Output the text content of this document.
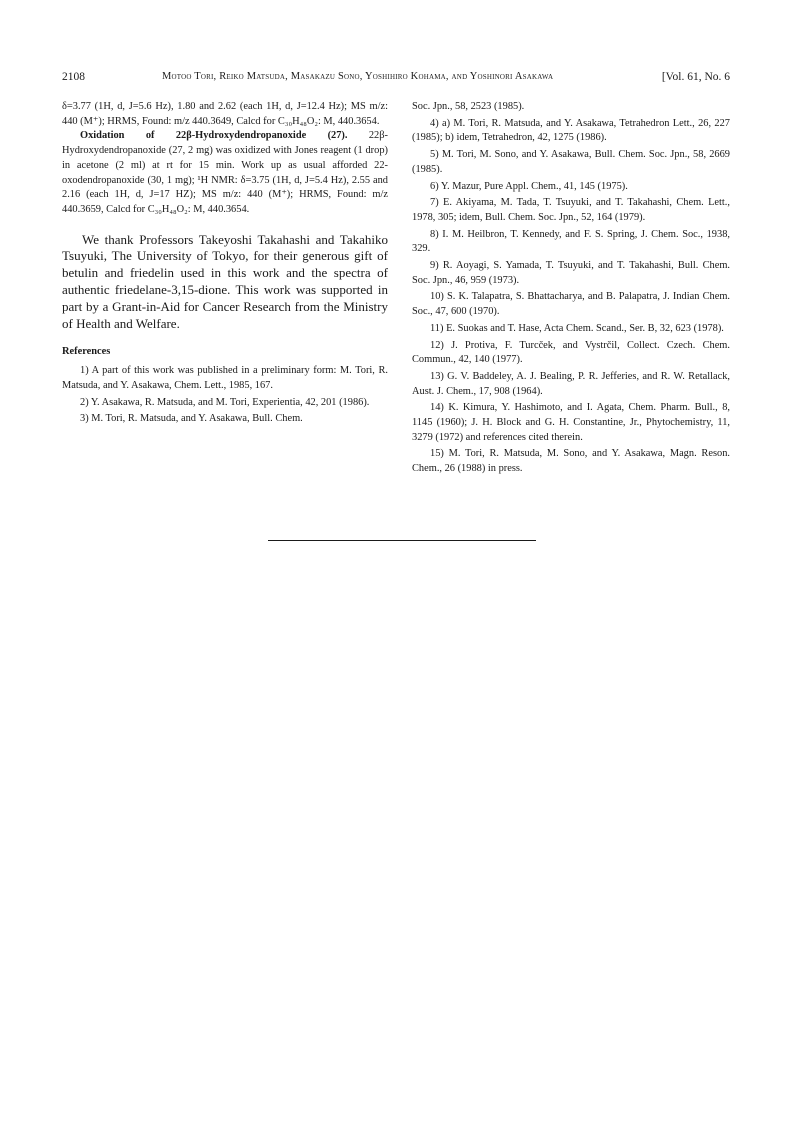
2108	Motoo Tori, Reiko Matsuda, Masakazu Sono, Yoshihiro Kohama, and Yoshinori Asakawa	[Vol. 61, No. 6

δ=3.77 (1H, d, J=5.6 Hz), 1.80 and 2.62 (each 1H, d, J=12.4 Hz); MS m/z: 440 (M⁺); HRMS, Found: m/z 440.3649, Calcd for C₃₀H₄₈O₂: M, 440.3654.

Oxidation of 22β-Hydroxydendropanoxide (27). 22β-Hydroxydendropanoxide (27, 2 mg) was oxidized with Jones reagent (1 drop) in acetone (2 ml) at rt for 15 min. Work up as usual afforded 22-oxodendropanoxide (30, 1 mg); ¹H NMR: δ=3.75 (1H, d, J=5.4 Hz), 2.55 and 2.16 (each 1H, d, J=17 HZ); MS m/z: 440 (M⁺); HRMS, Found: m/z 440.3659, Calcd for C₃₀H₄₈O₂: M, 440.3654.

We thank Professors Takeyoshi Takahashi and Takahiko Tsuyuki, The University of Tokyo, for their generous gift of betulin and friedelin used in this work and the spectra of authentic friedelane-3,15-dione. This work was supported in part by a Grant-in-Aid for Cancer Research from the Ministry of Health and Welfare.

References

1) A part of this work was published in a preliminary form: M. Tori, R. Matsuda, and Y. Asakawa, Chem. Lett., 1985, 167.

2) Y. Asakawa, R. Matsuda, and M. Tori, Experientia, 42, 201 (1986).

3) M. Tori, R. Matsuda, and Y. Asakawa, Bull. Chem.

Soc. Jpn., 58, 2523 (1985).

4) a) M. Tori, R. Matsuda, and Y. Asakawa, Tetrahedron Lett., 26, 227 (1985); b) idem, Tetrahedron, 42, 1275 (1986).

5) M. Tori, M. Sono, and Y. Asakawa, Bull. Chem. Soc. Jpn., 58, 2669 (1985).

6) Y. Mazur, Pure Appl. Chem., 41, 145 (1975).

7) E. Akiyama, M. Tada, T. Tsuyuki, and T. Takahashi, Chem. Lett., 1978, 305; idem, Bull. Chem. Soc. Jpn., 52, 164 (1979).

8) I. M. Heilbron, T. Kennedy, and F. S. Spring, J. Chem. Soc., 1938, 329.

9) R. Aoyagi, S. Yamada, T. Tsuyuki, and T. Takahashi, Bull. Chem. Soc. Jpn., 46, 959 (1973).

10) S. K. Talapatra, S. Bhattacharya, and B. Palapatra, J. Indian Chem. Soc., 47, 600 (1970).

11) E. Suokas and T. Hase, Acta Chem. Scand., Ser. B, 32, 623 (1978).

12) J. Protiva, F. Turcček, and Vystrčil, Collect. Czech. Chem. Commun., 42, 140 (1977).

13) G. V. Baddeley, A. J. Bealing, P. R. Jefferies, and R. W. Retallack, Aust. J. Chem., 17, 908 (1964).

14) K. Kimura, Y. Hashimoto, and I. Agata, Chem. Pharm. Bull., 8, 1145 (1960); J. H. Block and G. H. Constantine, Jr., Phytochemistry, 11, 3279 (1972) and references cited therein.

15) M. Tori, R. Matsuda, M. Sono, and Y. Asakawa, Magn. Reson. Chem., 26 (1988) in press.
